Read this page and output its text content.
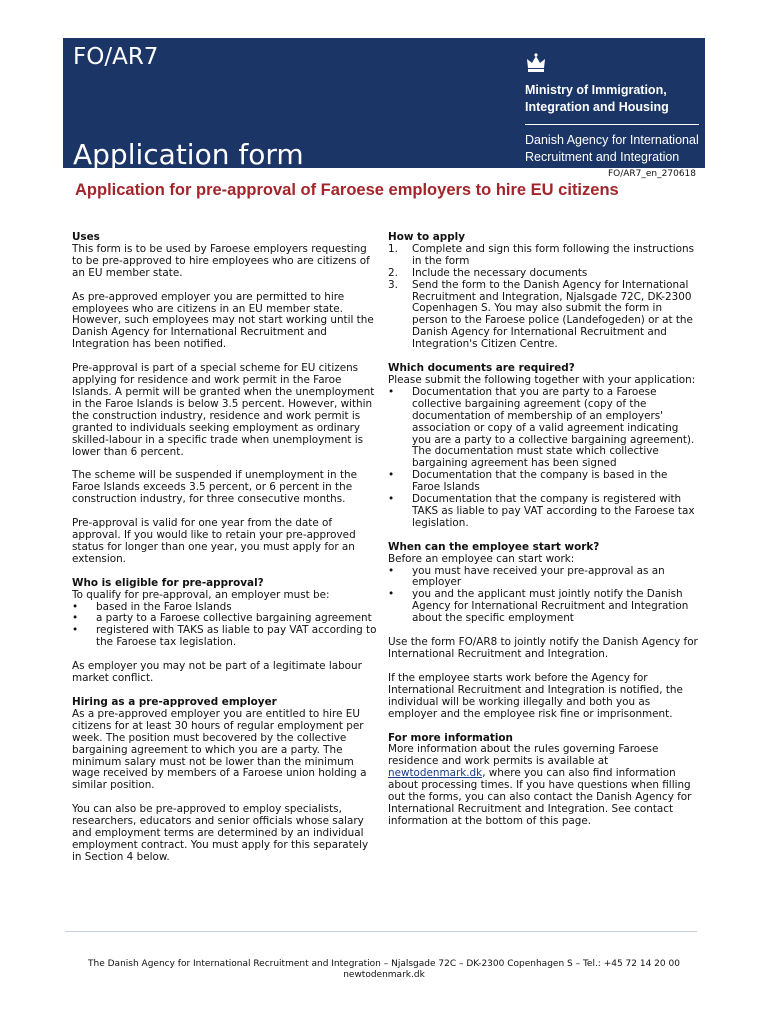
FO/AR7
Application form
Ministry of Immigration,
Integration and Housing
Danish Agency for International
Recruitment and Integration
FO/AR7_en_270618
Application for pre-approval of Faroese employers to hire EU citizens
Uses

This form is to be used by Faroese employers requesting to be pre-approved to hire employees who are citizens of an EU member state.

As pre-approved employer you are permitted to hire employees who are citizens in an EU member state. However, such employees may not start working until the Danish Agency for International Recruitment and Integration has been notified.

Pre-approval is part of a special scheme for EU citizens applying for residence and work permit in the Faroe Islands. A permit will be granted when the unemployment in the Faroe Islands is below 3.5 percent. However, within the construction industry, residence and work permit is granted to individuals seeking employment as ordinary skilled-labour in a specific trade when unemployment is lower than 6 percent.

The scheme will be suspended if unemployment in the Faroe Islands exceeds 3.5 percent, or 6 percent in the construction industry, for three consecutive months.

Pre-approval is valid for one year from the date of approval. If you would like to retain your pre-approved status for longer than one year, you must apply for an extension.

Who is eligible for pre-approval?
To qualify for pre-approval, an employer must be:
• based in the Faroe Islands
• a party to a Faroese collective bargaining agreement
• registered with TAKS as liable to pay VAT according to the Faroese tax legislation.

As employer you may not be part of a legitimate labour market conflict.

Hiring as a pre-approved employer

As a pre-approved employer you are entitled to hire EU citizens for at least 30 hours of regular employment per week. The position must becovered by the collective bargaining agreement to which you are a party. The minimum salary must not be lower than the minimum wage received by members of a Faroese union holding a similar position.

You can also be pre-approved to employ specialists, researchers, educators and senior officials whose salary and employment terms are determined by an individual employment contract. You must apply for this separately in Section 4 below.

How to apply
1. Complete and sign this form following the instructions in the form
2. Include the necessary documents
3. Send the form to the Danish Agency for International Recruitment and Integration, Njalsgade 72C, DK-2300 Copenhagen S. You may also submit the form in person to the Faroese police (Landefogeden) or at the Danish Agency for International Recruitment and Integration's Citizen Centre.
Which documents are required?
Please submit the following together with your application:
• Documentation that you are party to a Faroese collective bargaining agreement (copy of the documentation of membership of an employers' association or copy of a valid agreement indicating you are a party to a collective bargaining agreement). The documentation must state which collective bargaining agreement has been signed
• Documentation that the company is based in the Faroe Islands
• Documentation that the company is registered with TAKS as liable to pay VAT according to the Faroese tax legislation.
When can the employee start work?
Before an employee can start work:
• you must have received your pre-approval as an employer
• you and the applicant must jointly notify the Danish Agency for International Recruitment and Integration about the specific employment

Use the form FO/AR8 to jointly notify the Danish Agency for International Recruitment and Integration.

If the employee starts work before the Agency for International Recruitment and Integration is notified, the individual will be working illegally and both you as employer and the employee risk fine or imprisonment.

For more information

More information about the rules governing Faroese residence and work permits is available at newtodenmark.dk, where you can also find information about processing times. If you have questions when filling out the forms, you can also contact the Danish Agency for International Recruitment and Integration. See contact information at the bottom of this page.

The Danish Agency for International Recruitment and Integration – Njalsgade 72C – DK-2300 Copenhagen S – Tel.: +45 72 14 20 00
newtodenmark.dk
